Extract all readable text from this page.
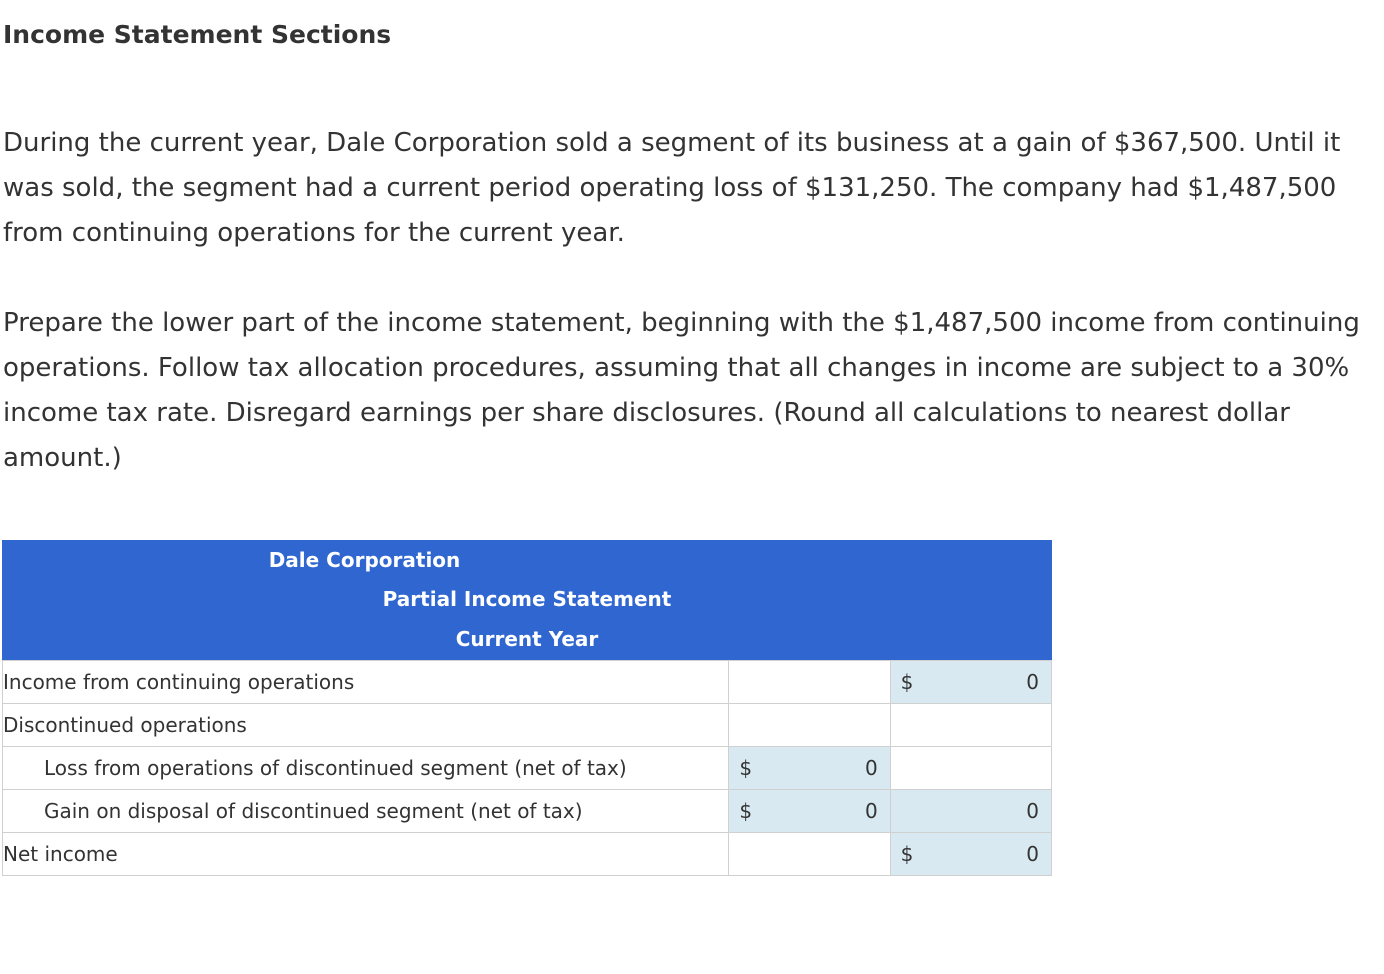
Income Statement Sections

During the current year, Dale Corporation sold a segment of its business at a gain of $367,500. Until it was sold, the segment had a current period operating loss of $131,250. The company had $1,487,500 from continuing operations for the current year.

Prepare the lower part of the income statement, beginning with the $1,487,500 income from continuing operations. Follow tax allocation procedures, assuming that all changes in income are subject to a 30% income tax rate. Disregard earnings per share disclosures. (Round all calculations to nearest dollar amount.)

Dale Corporation
Partial Income Statement
Current Year
Income from continuing operations		$ 0

Discontinued operations		
Loss from operations of discontinued segment (net of tax)	$ 0	

Gain on disposal of discontinued segment (net of tax)	$ 0	0

Net income		$ 0
